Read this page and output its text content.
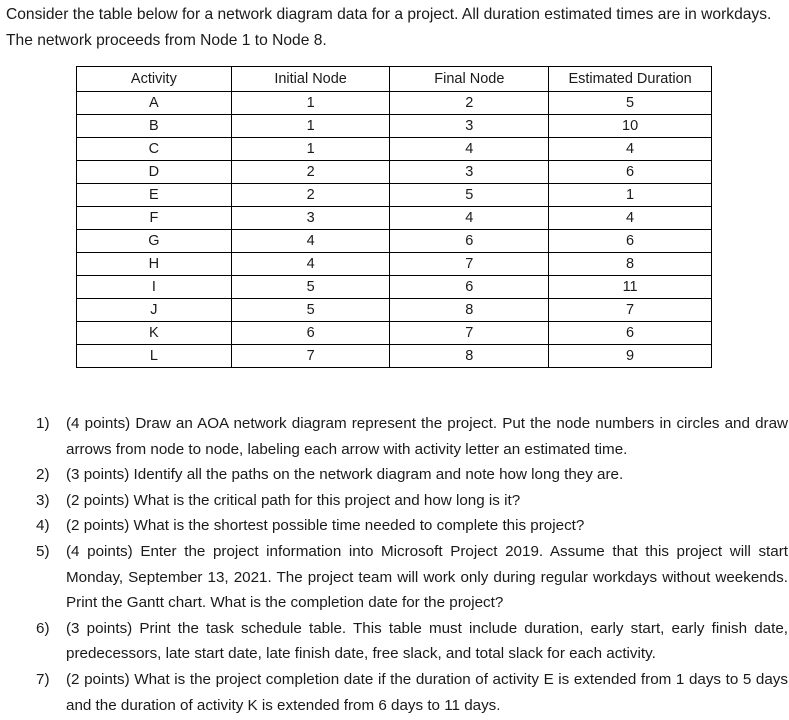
Consider the table below for a network diagram data for a project. All duration estimated times are in workdays. The network proceeds from Node 1 to Node 8.

Activity	Initial Node	Final Node	Estimated Duration
A	1	2	5
B	1	3	10
C	1	4	4
D	2	3	6
E	2	5	1
F	3	4	4
G	4	6	6
H	4	7	8
I	5	6	11
J	5	8	7
K	6	7	6
L	7	8	9
1) (4 points) Draw an AOA network diagram represent the project. Put the node numbers in circles and draw arrows from node to node, labeling each arrow with activity letter an estimated time.
2) (3 points) Identify all the paths on the network diagram and note how long they are.
3) (2 points) What is the critical path for this project and how long is it?
4) (2 points) What is the shortest possible time needed to complete this project?
5) (4 points) Enter the project information into Microsoft Project 2019. Assume that this project will start Monday, September 13, 2021. The project team will work only during regular workdays without weekends. Print the Gantt chart. What is the completion date for the project?
6) (3 points) Print the task schedule table. This table must include duration, early start, early finish date, predecessors, late start date, late finish date, free slack, and total slack for each activity.
7) (2 points) What is the project completion date if the duration of activity E is extended from 1 days to 5 days and the duration of activity K is extended from 6 days to 11 days.
